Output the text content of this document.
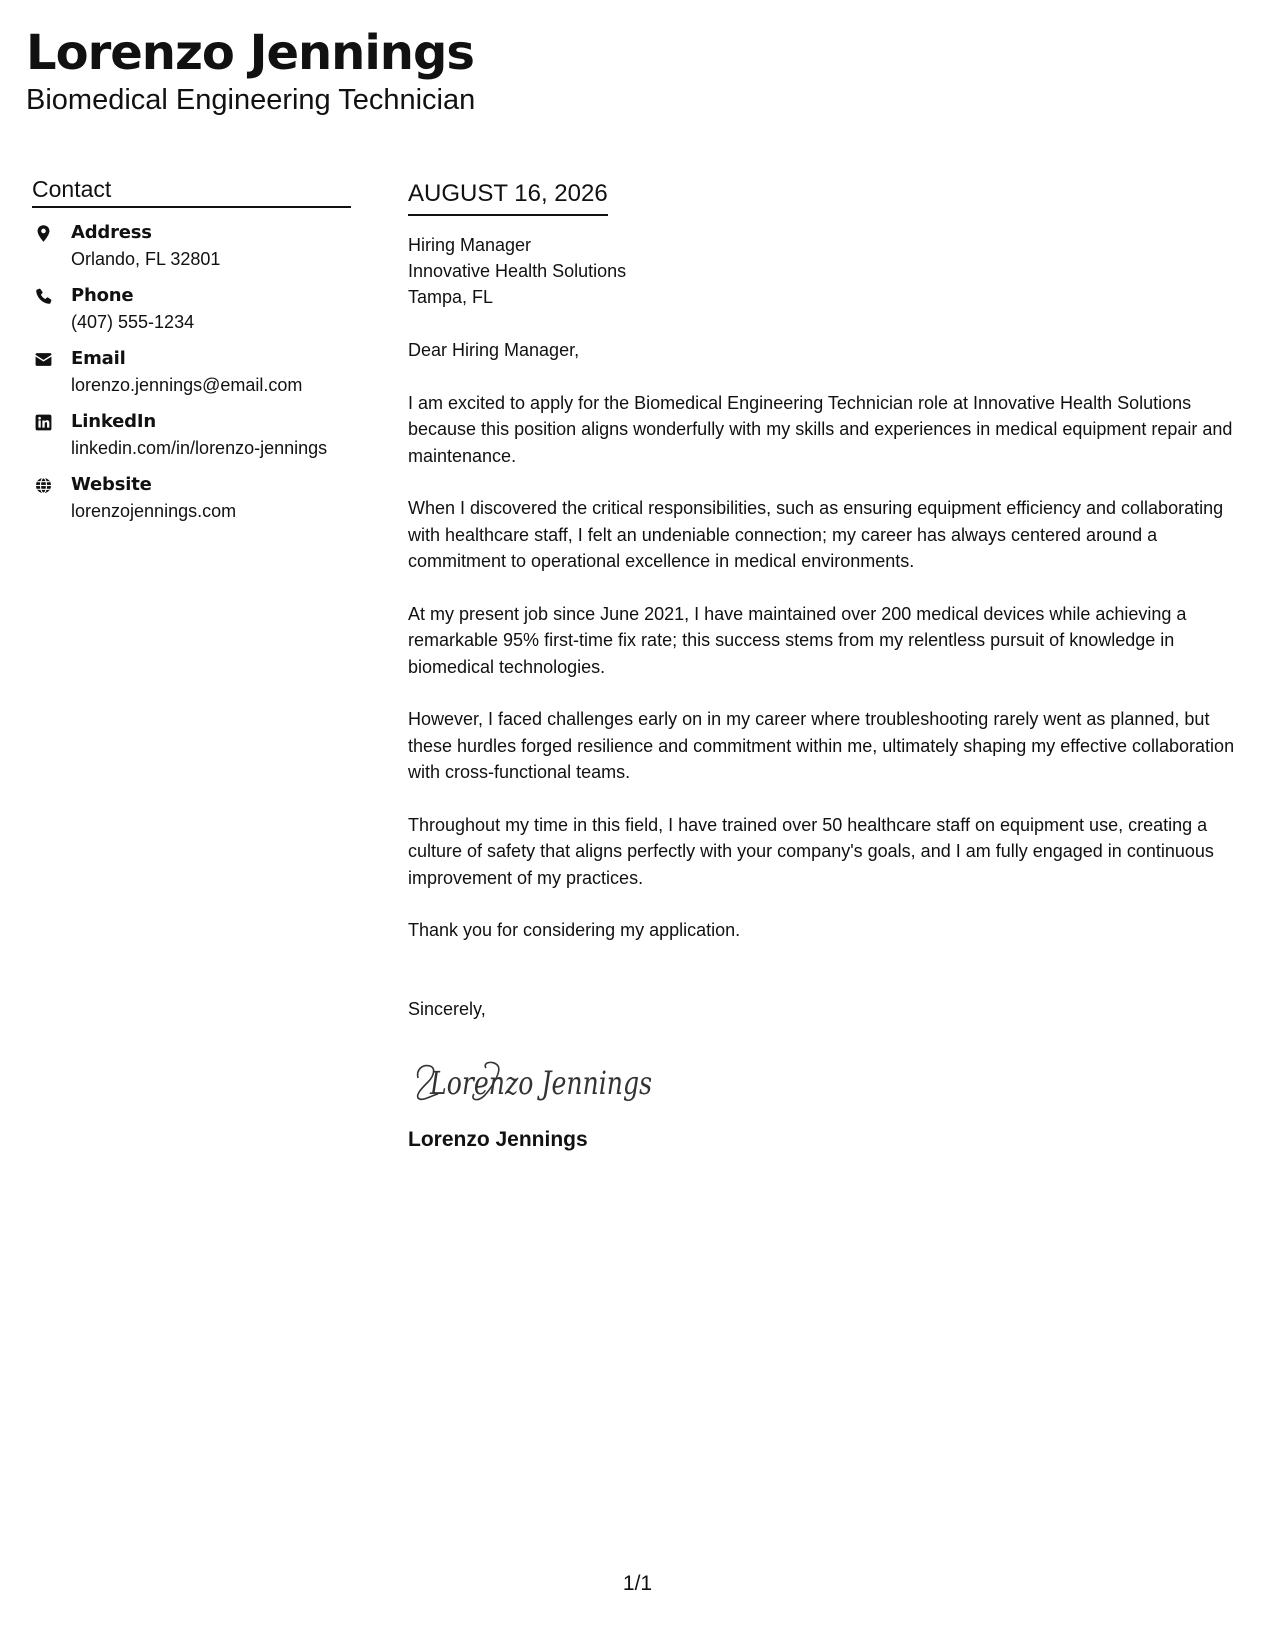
Lorenzo Jennings
Biomedical Engineering Technician
Contact
Address
Orlando, FL 32801
Phone
(407) 555-1234
Email
lorenzo.jennings@email.com
LinkedIn
linkedin.com/in/lorenzo-jennings
Website
lorenzojennings.com
AUGUST 16, 2026
Hiring Manager
Innovative Health Solutions
Tampa, FL
Dear Hiring Manager,
I am excited to apply for the Biomedical Engineering Technician role at Innovative Health Solutions because this position aligns wonderfully with my skills and experiences in medical equipment repair and maintenance.
When I discovered the critical responsibilities, such as ensuring equipment efficiency and collaborating with healthcare staff, I felt an undeniable connection; my career has always centered around a commitment to operational excellence in medical environments.
At my present job since June 2021, I have maintained over 200 medical devices while achieving a remarkable 95% first-time fix rate; this success stems from my relentless pursuit of knowledge in biomedical technologies.
However, I faced challenges early on in my career where troubleshooting rarely went as planned, but these hurdles forged resilience and commitment within me, ultimately shaping my effective collaboration with cross-functional teams.
Throughout my time in this field, I have trained over 50 healthcare staff on equipment use, creating a culture of safety that aligns perfectly with your company's goals, and I am fully engaged in continuous improvement of my practices.
Thank you for considering my application.
Sincerely,
Lorenzo Jennings
Lorenzo Jennings
1/1
